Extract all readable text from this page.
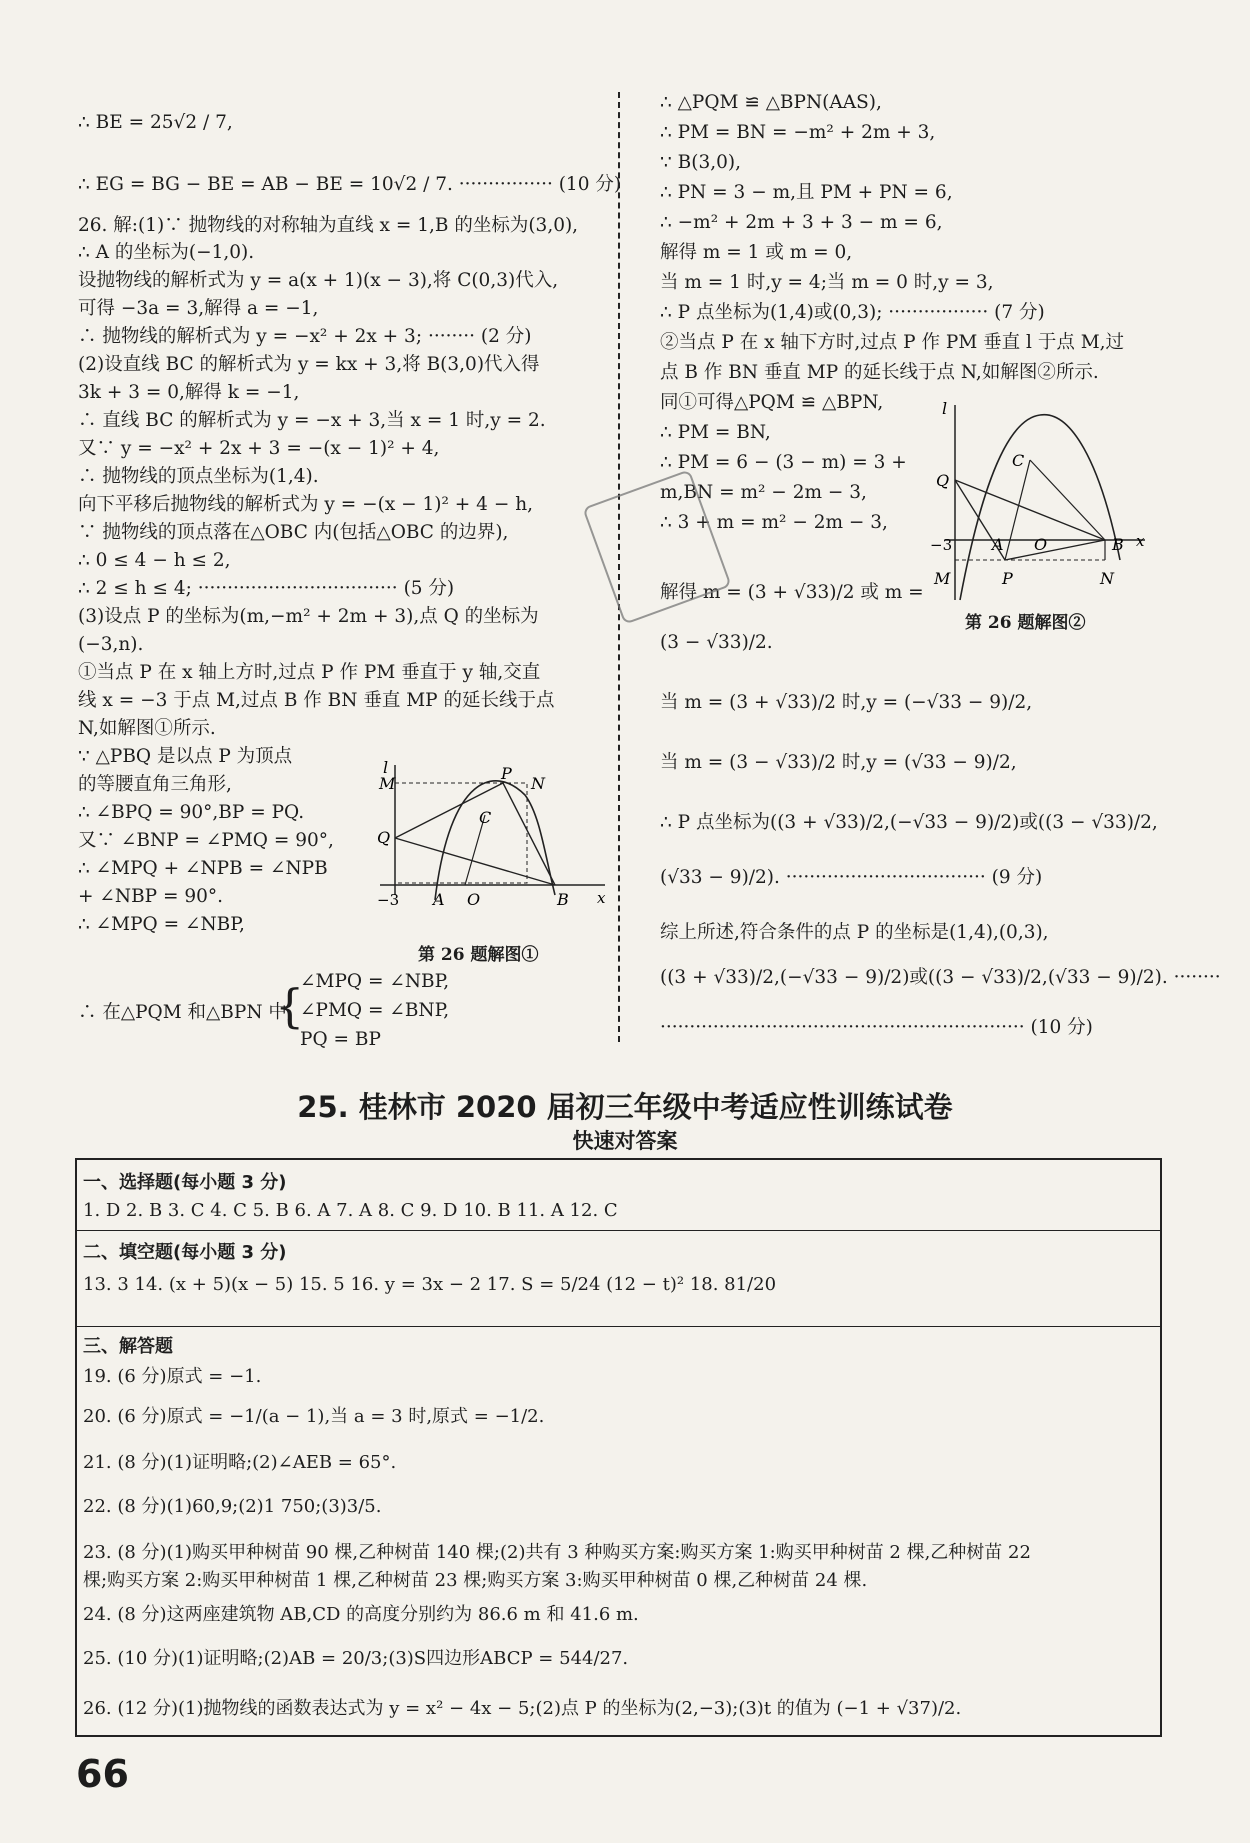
∴ BE = 25√2 / 7,
∴ EG = BG − BE = AB − BE = 10√2 / 7. ················ (10 分)
26. 解:(1)∵ 抛物线的对称轴为直线 x = 1,B 的坐标为(3,0),
∴ A 的坐标为(−1,0).
设抛物线的解析式为 y = a(x + 1)(x − 3),将 C(0,3)代入,
可得 −3a = 3,解得 a = −1,
∴ 抛物线的解析式为 y = −x² + 2x + 3; ········ (2 分)
(2)设直线 BC 的解析式为 y = kx + 3,将 B(3,0)代入得
3k + 3 = 0,解得 k = −1,
∴ 直线 BC 的解析式为 y = −x + 3,当 x = 1 时,y = 2.
又∵ y = −x² + 2x + 3 = −(x − 1)² + 4,
∴ 抛物线的顶点坐标为(1,4).
向下平移后抛物线的解析式为 y = −(x − 1)² + 4 − h,
∵ 抛物线的顶点落在△OBC 内(包括△OBC 的边界),
∴ 0 ≤ 4 − h ≤ 2,
∴ 2 ≤ h ≤ 4; ·································· (5 分)
(3)设点 P 的坐标为(m,−m² + 2m + 3),点 Q 的坐标为
(−3,n).
①当点 P 在 x 轴上方时,过点 P 作 PM 垂直于 y 轴,交直
线 x = −3 于点 M,过点 B 作 BN 垂直 MP 的延长线于点
N,如解图①所示.
∵ △PBQ 是以点 P 为顶点
的等腰直角三角形,
∴ ∠BPQ = 90°,BP = PQ.
又∵ ∠BNP = ∠PMQ = 90°,
∴ ∠MPQ + ∠NPB = ∠NPB
+ ∠NBP = 90°.
∴ ∠MPQ = ∠NBP,
∴ 在△PQM 和△BPN 中,
{
∠MPQ = ∠NBP,
∠PMQ = ∠BNP,
PQ = BP
l
M
P
N
C
Q
−3 A O	B x
第 26 题解图①
∴ △PQM ≌ △BPN(AAS),
∴ PM = BN = −m² + 2m + 3,
∵ B(3,0),
∴ PN = 3 − m,且 PM + PN = 6,
∴ −m² + 2m + 3 + 3 − m = 6,
解得 m = 1 或 m = 0,
当 m = 1 时,y = 4;当 m = 0 时,y = 3,
∴ P 点坐标为(1,4)或(0,3); ················· (7 分)
②当点 P 在 x 轴下方时,过点 P 作 PM 垂直 l 于点 M,过
点 B 作 BN 垂直 MP 的延长线于点 N,如解图②所示.
同①可得△PQM ≌ △BPN,
∴ PM = BN,
∴ PM = 6 − (3 − m) = 3 +
m,BN = m² − 2m − 3,
∴ 3 + m = m² − 2m − 3,
解得 m = (3 + √33)/2 或 m =
(3 − √33)/2.
当 m = (3 + √33)/2 时,y = (−√33 − 9)/2,
当 m = (3 − √33)/2 时,y = (√33 − 9)/2,
∴ P 点坐标为((3 + √33)/2,(−√33 − 9)/2)或((3 − √33)/2,
(√33 − 9)/2). ·································· (9 分)
综上所述,符合条件的点 P 的坐标是(1,4),(0,3),
((3 + √33)/2,(−√33 − 9)/2)或((3 − √33)/2,(√33 − 9)/2). ········
······························································ (10 分)
l
C
Q
−3 A O	B x
M	P	N
第 26 题解图②
25. 桂林市 2020 届初三年级中考适应性训练试卷
快速对答案
一、选择题(每小题 3 分)
1. D 2. B 3. C 4. C 5. B 6. A 7. A 8. C 9. D 10. B 11. A 12. C
二、填空题(每小题 3 分)
13. 3 14. (x + 5)(x − 5) 15. 5 16. y = 3x − 2 17. S = 5/24 (12 − t)² 18. 81/20
三、解答题
19. (6 分)原式 = −1.
20. (6 分)原式 = −1/(a − 1),当 a = 3 时,原式 = −1/2.
21. (8 分)(1)证明略;(2)∠AEB = 65°.
22. (8 分)(1)60,9;(2)1 750;(3)3/5.
23. (8 分)(1)购买甲种树苗 90 棵,乙种树苗 140 棵;(2)共有 3 种购买方案:购买方案 1:购买甲种树苗 2 棵,乙种树苗 22
棵;购买方案 2:购买甲种树苗 1 棵,乙种树苗 23 棵;购买方案 3:购买甲种树苗 0 棵,乙种树苗 24 棵.
24. (8 分)这两座建筑物 AB,CD 的高度分别约为 86.6 m 和 41.6 m.
25. (10 分)(1)证明略;(2)AB = 20/3;(3)S四边形ABCP = 544/27.
26. (12 分)(1)抛物线的函数表达式为 y = x² − 4x − 5;(2)点 P 的坐标为(2,−3);(3)t 的值为 (−1 + √37)/2.
66
